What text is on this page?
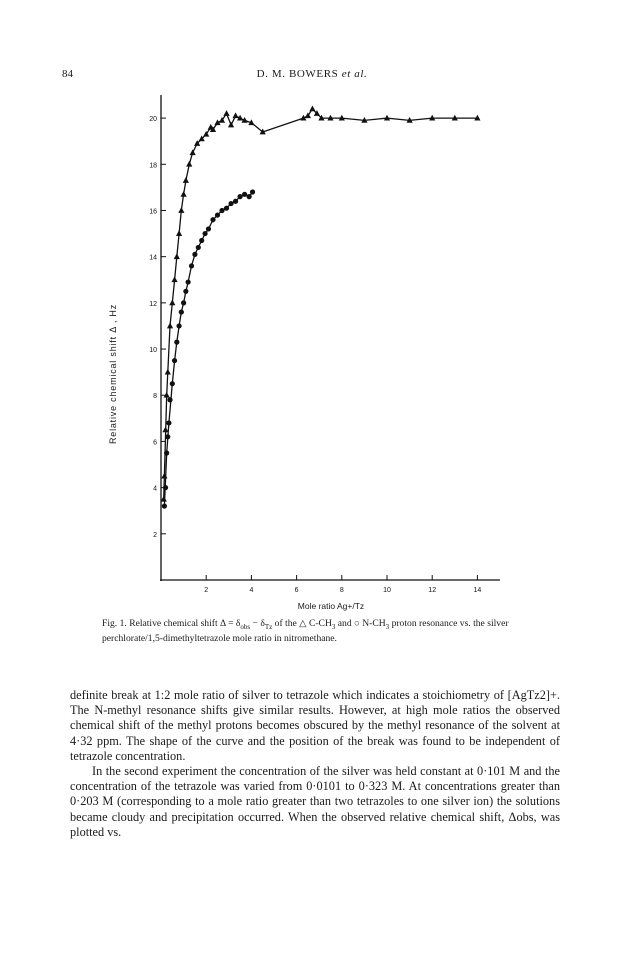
84	D. M. BOWERS et al.
2
4
6
8
10
12
14
16
18
20
2	4	6	8	10	12	14
Relative chemical shift Δ , Hz
Mole ratio Ag+/Tz
Fig. 1. Relative chemical shift $\Delta = \delta_{obs} - \delta_{Tz}$ of the △ $C-CH_3$ and ○ $N-CH_3$ proton resonance vs. the silver perchlorate/1,5-dimethyltetrazole mole ratio in nitromethane.

definite break at 1:2 mole ratio of silver to tetrazole which indicates a stoichiometry of [AgTz2]+. The N-methyl resonance shifts give similar results. However, at high mole ratios the observed chemical shift of the methyl protons becomes obscured by the methyl resonance of the solvent at 4·32 ppm. The shape of the curve and the position of the break was found to be independent of tetrazole concentration.

In the second experiment the concentration of the silver was held constant at 0·101 M and the concentration of the tetrazole was varied from 0·0101 to 0·323 M. At concentrations greater than 0·203 M (corresponding to a mole ratio greater than two tetrazoles to one silver ion) the solutions became cloudy and precipitation occurred. When the observed relative chemical shift, Δobs, was plotted vs.
